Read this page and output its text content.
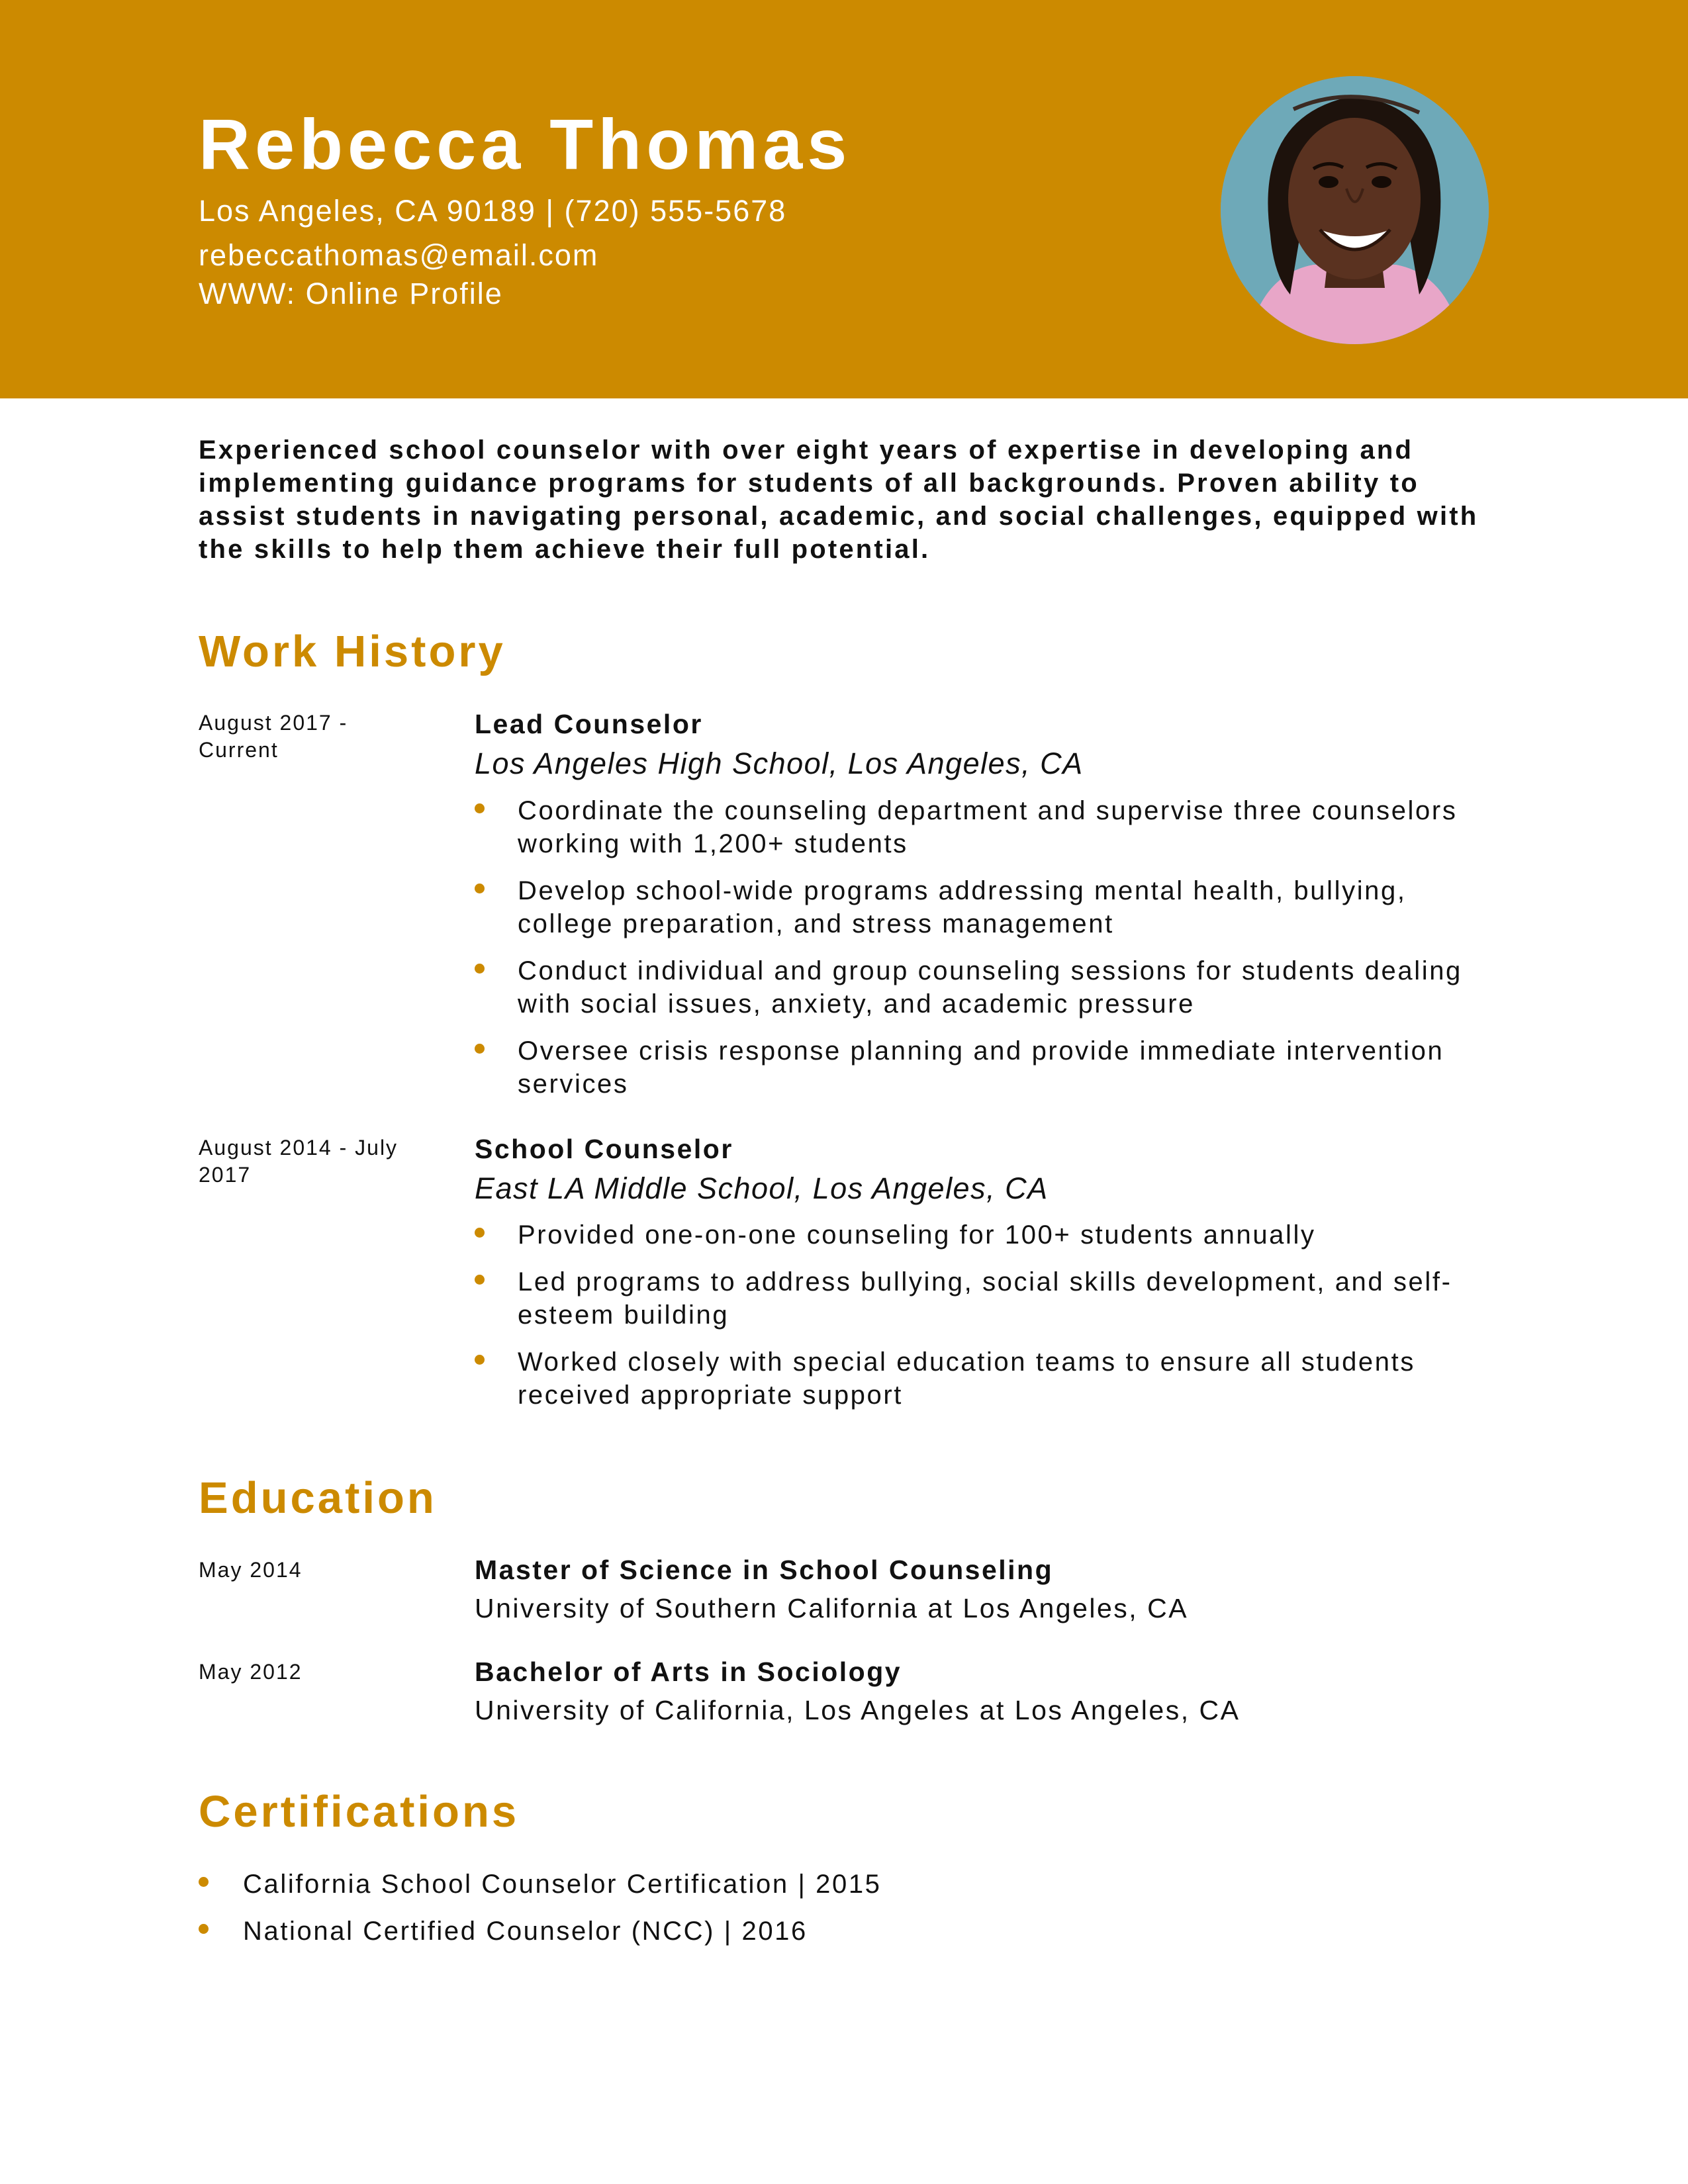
Rebecca Thomas
Los Angeles, CA 90189 | (720) 555-5678
rebeccathomas@email.com
WWW: Online Profile

Experienced school counselor with over eight years of expertise in developing and implementing guidance programs for students of all backgrounds. Proven ability to assist students in navigating personal, academic, and social challenges, equipped with the skills to help them achieve their full potential.

Work History
August 2017 - Current
Lead Counselor
Los Angeles High School, Los Angeles, CA
Coordinate the counseling department and supervise three counselors working with 1,200+ students
Develop school-wide programs addressing mental health, bullying, college preparation, and stress management
Conduct individual and group counseling sessions for students dealing with social issues, anxiety, and academic pressure
Oversee crisis response planning and provide immediate intervention services
August 2014 - July 2017
School Counselor
East LA Middle School, Los Angeles, CA
Provided one-on-one counseling for 100+ students annually
Led programs to address bullying, social skills development, and self-esteem building
Worked closely with special education teams to ensure all students received appropriate support
Education
May 2014	Master of Science in School Counseling
University of Southern California at Los Angeles, CA
May 2012	Bachelor of Arts in Sociology
University of California, Los Angeles at Los Angeles, CA
Certifications
California School Counselor Certification | 2015
National Certified Counselor (NCC) | 2016
